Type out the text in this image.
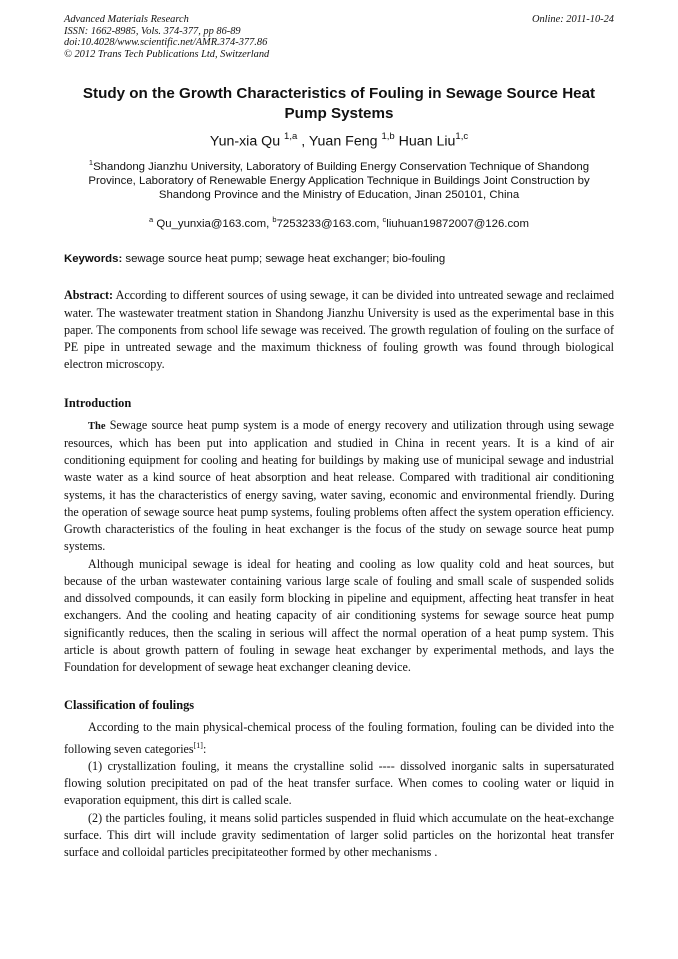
Advanced Materials Research
ISSN: 1662-8985, Vols. 374-377, pp 86-89
doi:10.4028/www.scientific.net/AMR.374-377.86
© 2012 Trans Tech Publications Ltd, Switzerland
Online: 2011-10-24
Study on the Growth Characteristics of Fouling in Sewage Source Heat Pump Systems
Yun-xia Qu $^{1,a}$ , Yuan Feng $^{1,b}$ Huan Liu$^{1,c}$
$^1$Shandong Jianzhu University, Laboratory of Building Energy Conservation Technique of Shandong Province, Laboratory of Renewable Energy Application Technique in Buildings Joint Construction by Shandong Province and the Ministry of Education, Jinan 250101, China
$^a$ Qu_yunxia@163.com, $^b$7253233@163.com, $^c$liuhuan19872007@126.com
Keywords: sewage source heat pump; sewage heat exchanger; bio-fouling
Abstract: According to different sources of using sewage, it can be divided into untreated sewage and reclaimed water. The wastewater treatment station in Shandong Jianzhu University is used as the experimental base in this paper. The components from school life sewage was received. The growth regulation of fouling on the surface of PE pipe in untreated sewage and the maximum thickness of fouling growth was found through biological electron microscopy.
Introduction

The Sewage source heat pump system is a mode of energy recovery and utilization through using sewage resources, which has been put into application and studied in China in recent years. It is a kind of air conditioning equipment for cooling and heating for buildings by making use of municipal sewage and industrial waste water as a kind source of heat absorption and heat release. Compared with traditional air conditioning systems, it has the characteristics of energy saving, water saving, economic and environmental friendly. During the operation of sewage source heat pump systems, fouling problems often affect the system operation efficiency. Growth characteristics of the fouling in heat exchanger is the focus of the study on sewage source heat pump systems.

Although municipal sewage is ideal for heating and cooling as low quality cold and heat sources, but because of the urban wastewater containing various large scale of fouling and small scale of suspended solids and dissolved compounds, it can easily form blocking in pipeline and equipment, affecting heat transfer in heat exchangers. And the cooling and heating capacity of air conditioning systems for sewage source heat pump significantly reduces, then the scaling in serious will affect the normal operation of a heat pump system. This article is about growth pattern of fouling in sewage heat exchanger by experimental methods, and lays the Foundation for development of sewage heat exchanger cleaning device.

Classification of foulings

According to the main physical-chemical process of the fouling formation, fouling can be divided into the following seven categories[1]:

(1) crystallization fouling, it means the crystalline solid ---- dissolved inorganic salts in supersaturated flowing solution precipitated on pad of the heat transfer surface. When comes to cooling water or liquid in evaporation equipment, this dirt is called scale.

(2) the particles fouling, it means solid particles suspended in fluid which accumulate on the heat-exchange surface. This dirt will include gravity sedimentation of larger solid particles on the horizontal heat transfer surface and colloidal particles precipitateother formed by other mechanisms .
